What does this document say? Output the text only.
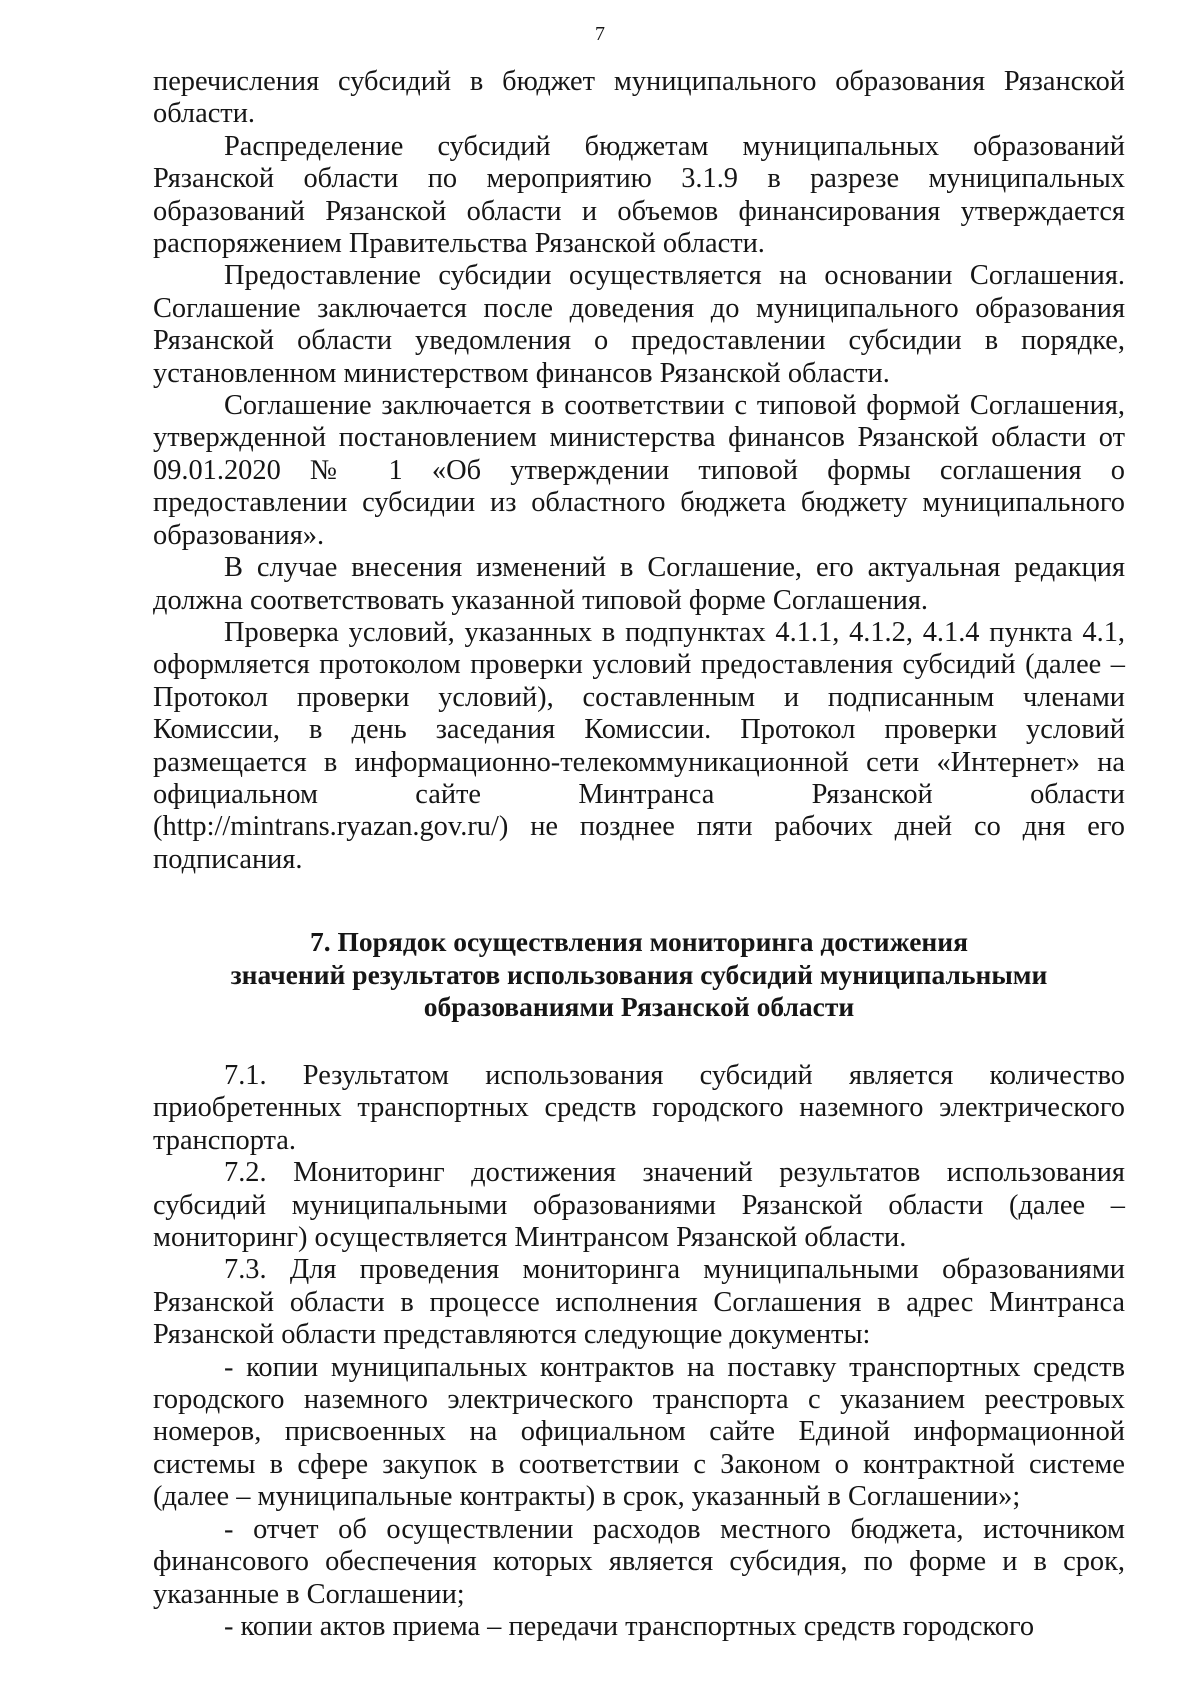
7

перечисления субсидий в бюджет муниципального образования Рязанской области.

Распределение субсидий бюджетам муниципальных образований Рязанской области по мероприятию 3.1.9 в разрезе муниципальных образований Рязанской области и объемов финансирования утверждается распоряжением Правительства Рязанской области.

Предоставление субсидии осуществляется на основании Соглашения. Соглашение заключается после доведения до муниципального образования Рязанской области уведомления о предоставлении субсидии в порядке, установленном министерством финансов Рязанской области.

Соглашение заключается в соответствии с типовой формой Соглашения, утвержденной постановлением министерства финансов Рязанской области от 09.01.2020 № 1 «Об утверждении типовой формы соглашения о предоставлении субсидии из областного бюджета бюджету муниципального образования».

В случае внесения изменений в Соглашение, его актуальная редакция должна соответствовать указанной типовой форме Соглашения.

Проверка условий, указанных в подпунктах 4.1.1, 4.1.2, 4.1.4 пункта 4.1, оформляется протоколом проверки условий предоставления субсидий (далее – Протокол проверки условий), составленным и подписанным членами Комиссии, в день заседания Комиссии. Протокол проверки условий размещается в информационно-телекоммуникационной сети «Интернет» на официальном сайте Минтранса Рязанской области (http://mintrans.ryazan.gov.ru/) не позднее пяти рабочих дней со дня его подписания.

7. Порядок осуществления мониторинга достижения

значений результатов использования субсидий муниципальными

образованиями Рязанской области

7.1. Результатом использования субсидий является количество приобретенных транспортных средств городского наземного электрического транспорта.

7.2. Мониторинг достижения значений результатов использования субсидий муниципальными образованиями Рязанской области (далее – мониторинг) осуществляется Минтрансом Рязанской области.

7.3. Для проведения мониторинга муниципальными образованиями Рязанской области в процессе исполнения Соглашения в адрес Минтранса Рязанской области представляются следующие документы:

- копии муниципальных контрактов на поставку транспортных средств городского наземного электрического транспорта с указанием реестровых номеров, присвоенных на официальном сайте Единой информационной системы в сфере закупок в соответствии с Законом о контрактной системе (далее – муниципальные контракты) в срок, указанный в Соглашении»;

- отчет об осуществлении расходов местного бюджета, источником финансового обеспечения которых является субсидия, по форме и в срок, указанные в Соглашении;

- копии актов приема – передачи транспортных средств городского
